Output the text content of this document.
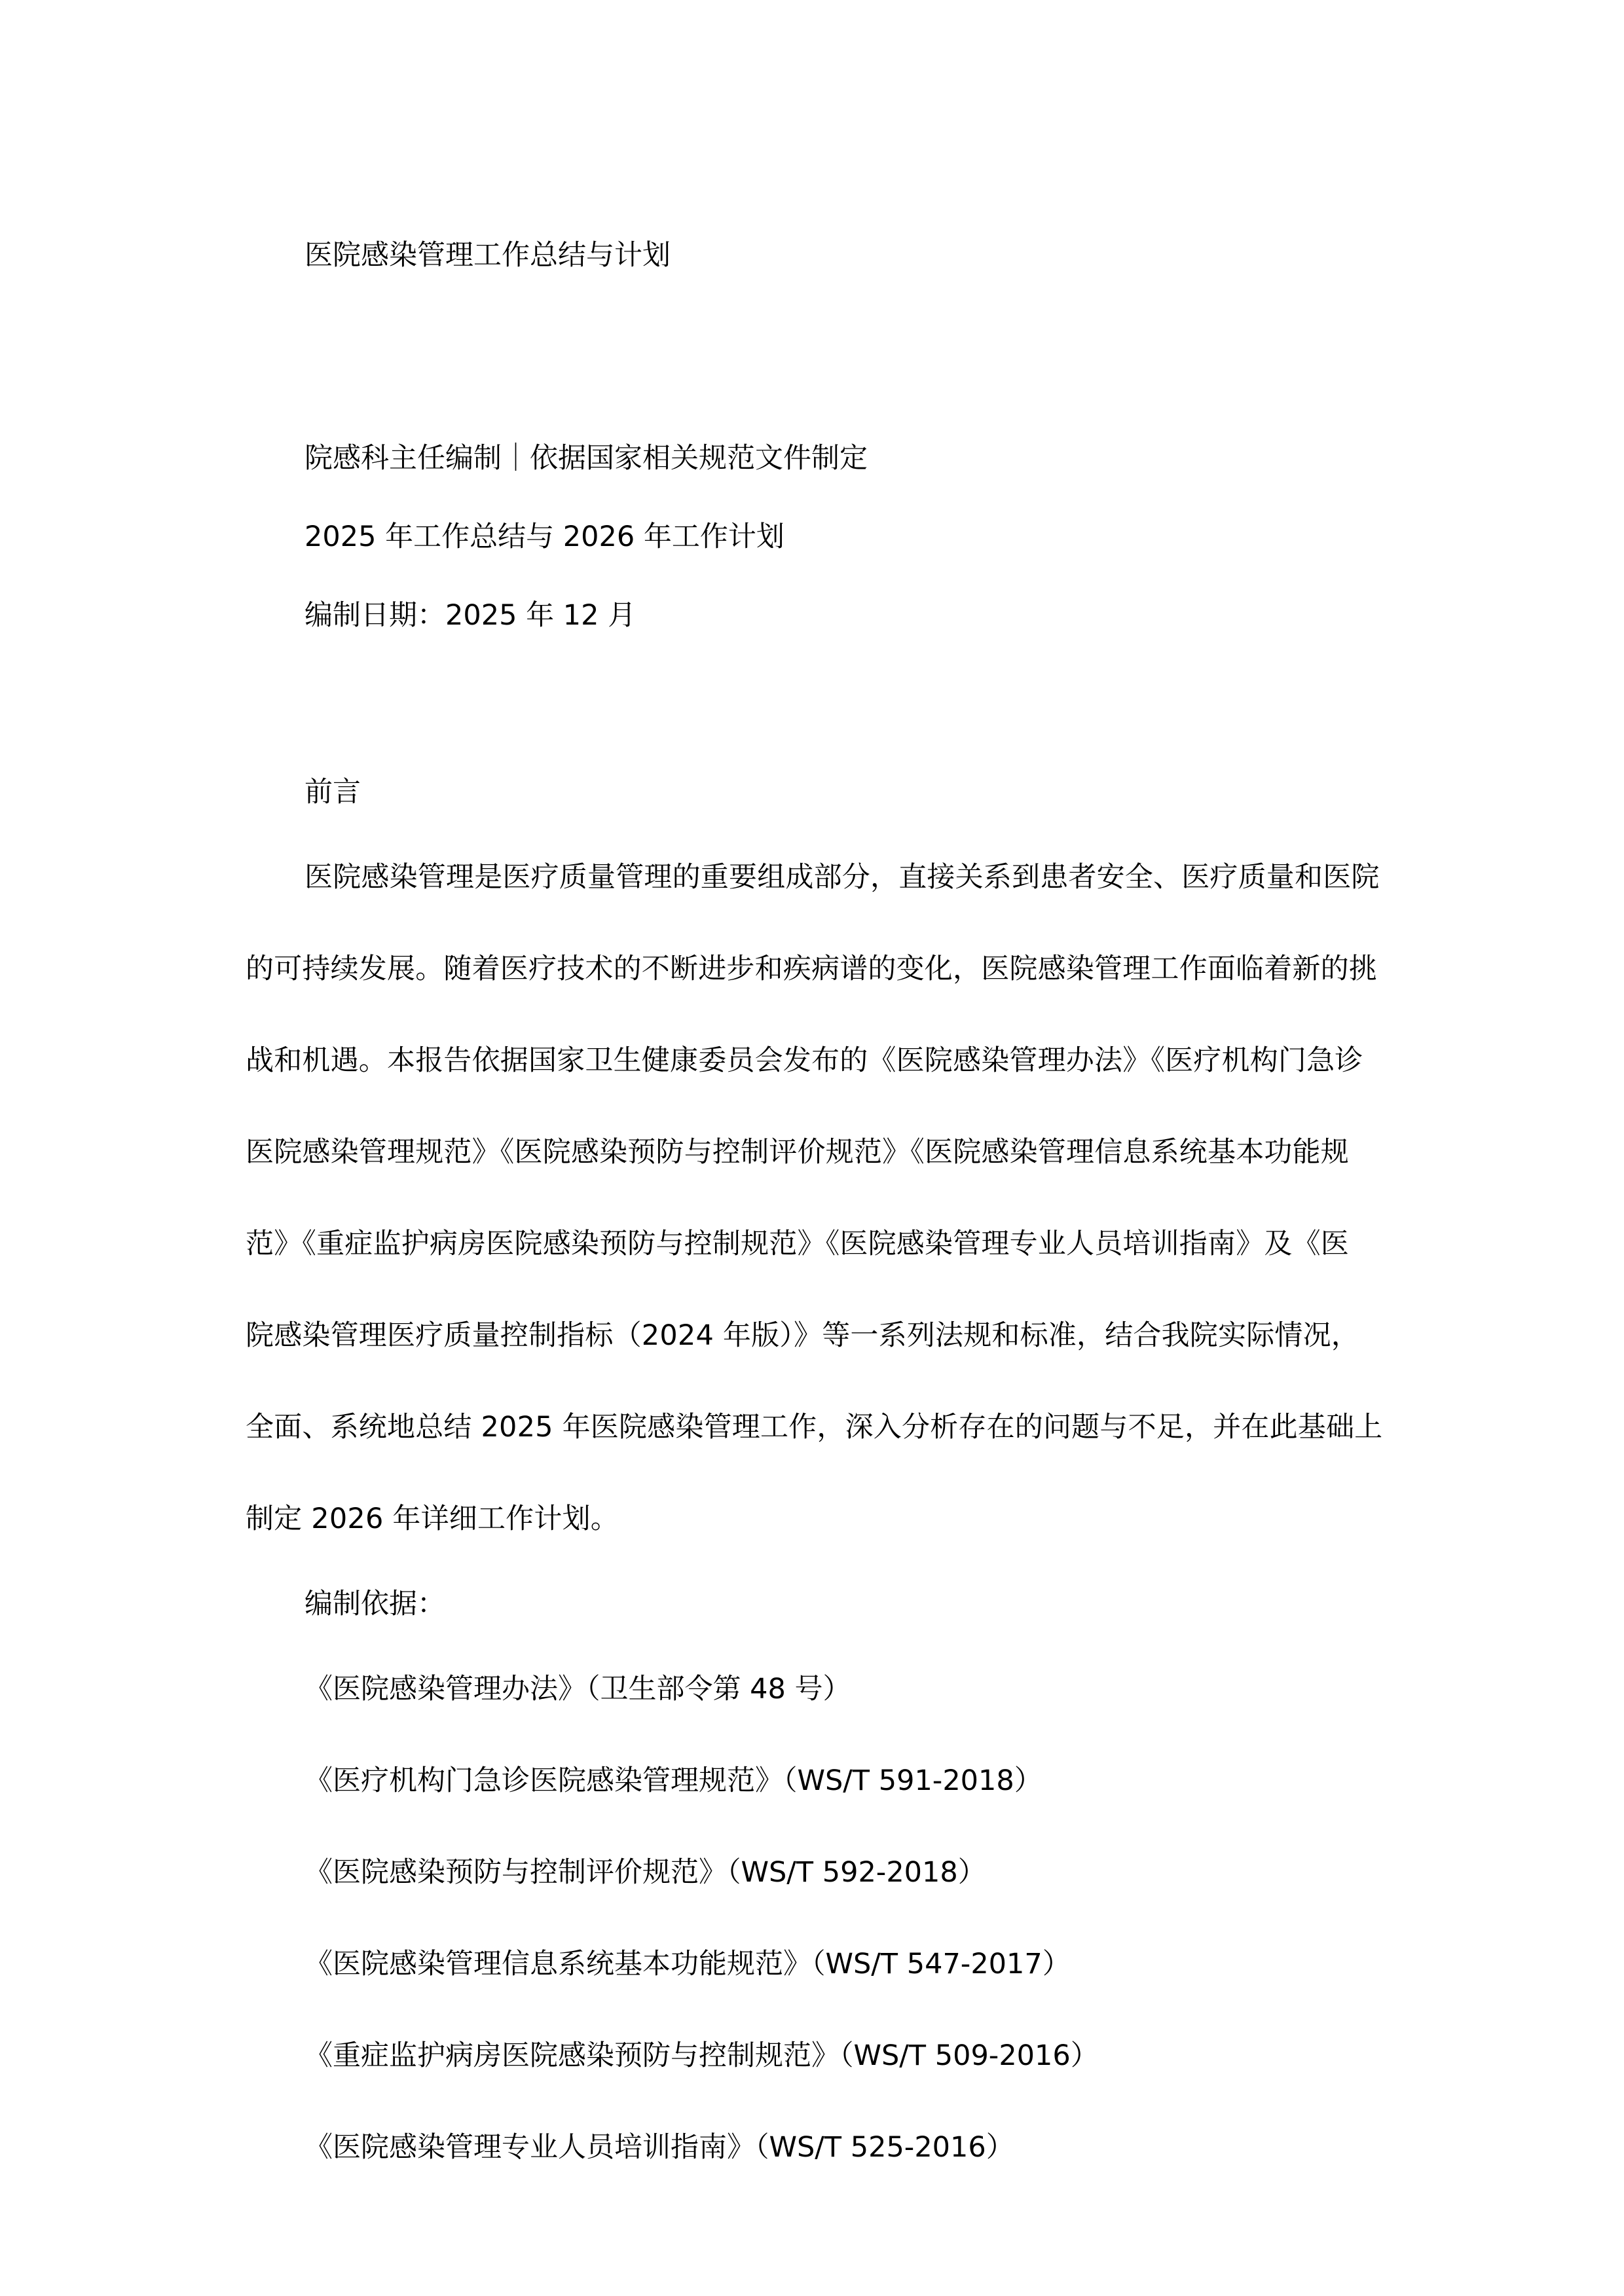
医院感染管理工作总结与计划
院感科主任编制｜依据国家相关规范文件制定
2025 年工作总结与 2026 年工作计划
编制日期：2025 年 12 月
前言
医院感染管理是医疗质量管理的重要组成部分，直接关系到患者安全、医疗质量和医院
的可持续发展。随着医疗技术的不断进步和疾病谱的变化，医院感染管理工作面临着新的挑
战和机遇。本报告依据国家卫生健康委员会发布的《医院感染管理办法》《医疗机构门急诊
医院感染管理规范》《医院感染预防与控制评价规范》《医院感染管理信息系统基本功能规
范》《重症监护病房医院感染预防与控制规范》《医院感染管理专业人员培训指南》及《医
院感染管理医疗质量控制指标（2024 年版）》等一系列法规和标准，结合我院实际情况，
全面、系统地总结 2025 年医院感染管理工作，深入分析存在的问题与不足，并在此基础上
制定 2026 年详细工作计划。
编制依据：
《医院感染管理办法》（卫生部令第 48 号）
《医疗机构门急诊医院感染管理规范》（WS/T 591-2018）
《医院感染预防与控制评价规范》（WS/T 592-2018）
《医院感染管理信息系统基本功能规范》（WS/T 547-2017）
《重症监护病房医院感染预防与控制规范》（WS/T 509-2016）
《医院感染管理专业人员培训指南》（WS/T 525-2016）
